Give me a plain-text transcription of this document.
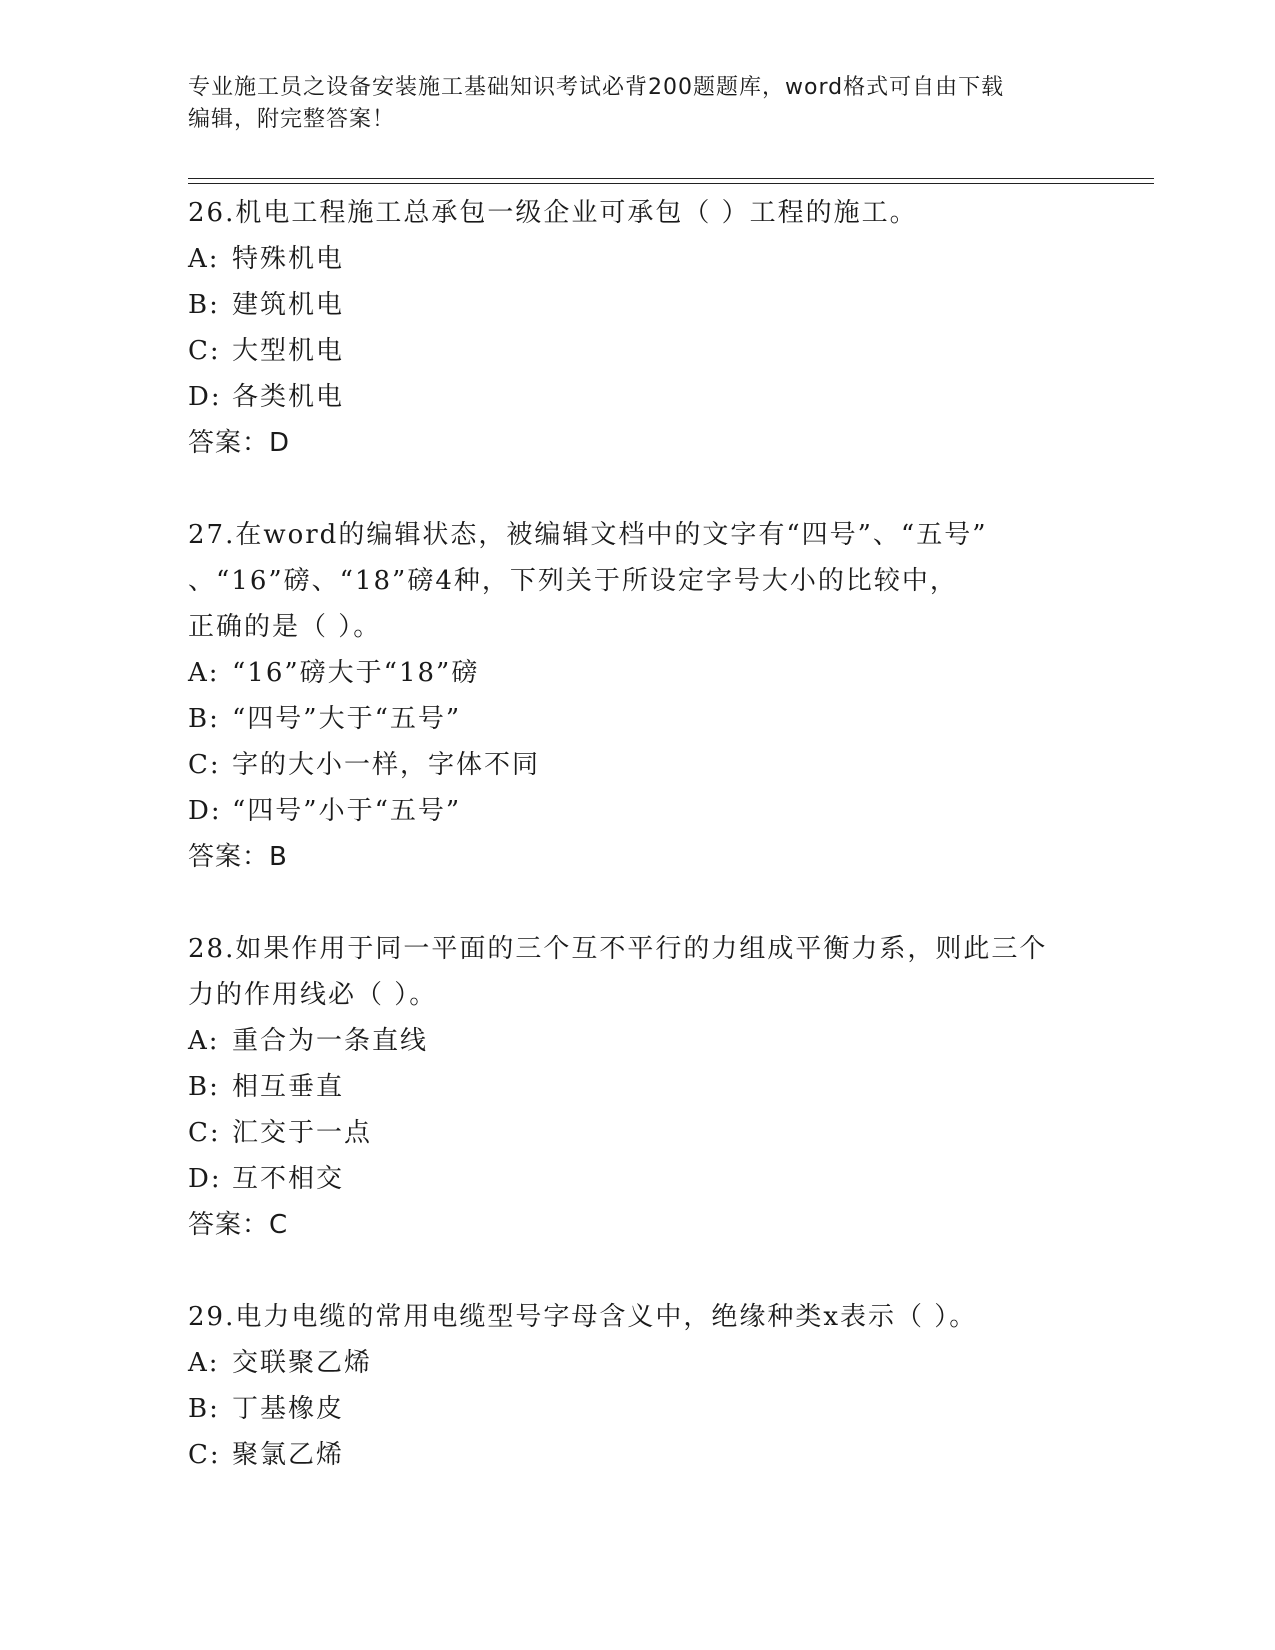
专业施工员之设备安装施工基础知识考试必背200题题库，word格式可自由下载
编辑，附完整答案！
26.机电工程施工总承包一级企业可承包（ ）工程的施工。
A: 特殊机电
B: 建筑机电
C: 大型机电
D: 各类机电
答案：D
27.在word的编辑状态，被编辑文档中的文字有“四号”、“五号”
、“16”磅、“18”磅4种，下列关于所设定字号大小的比较中，
正确的是（ ）。
A: “16”磅大于“18”磅
B: “四号”大于“五号”
C: 字的大小一样，字体不同
D: “四号”小于“五号”
答案：B
28.如果作用于同一平面的三个互不平行的力组成平衡力系，则此三个
力的作用线必（ ）。
A: 重合为一条直线
B: 相互垂直
C: 汇交于一点
D: 互不相交
答案：C
29.电力电缆的常用电缆型号字母含义中，绝缘种类x表示（ ）。
A: 交联聚乙烯
B: 丁基橡皮
C: 聚氯乙烯
